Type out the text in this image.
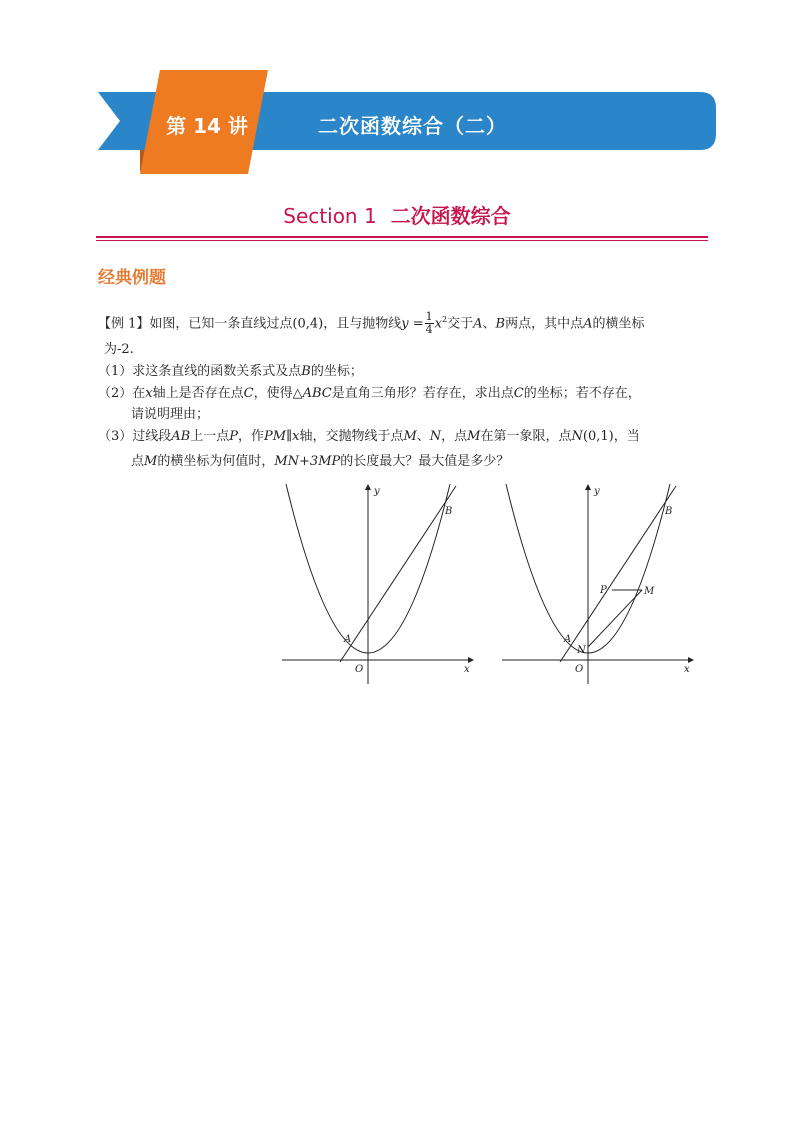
第 14 讲	二次函数综合（二）
Section 1 二次函数综合
经典例题
【例 1】如图，已知一条直线过点(0,4)，且与抛物线$y = \frac{1}{4} x^2$交于A、B两点，其中点A的横坐标
为-2.
（1）求这条直线的函数关系式及点B的坐标；
（2）在x轴上是否存在点C，使得△ABC是直角三角形？若存在，求出点C的坐标；若不存在，
请说明理由；
（3）过线段AB上一点P，作PM∥x轴，交抛物线于点M、N，点M在第一象限，点N(0,1)，当
点M的横坐标为何值时，MN+3MP的长度最大？最大值是多少？
y
x
O
A
B
y
x
O
A
B
N
P	M
